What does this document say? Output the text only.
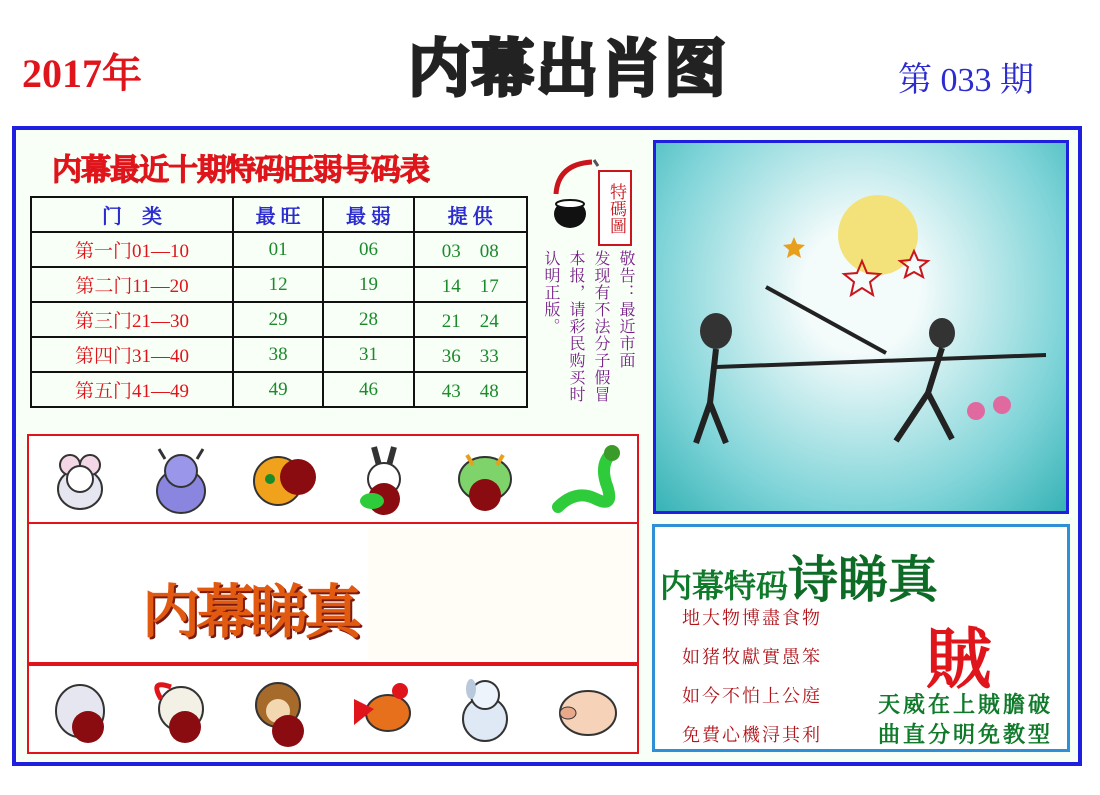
2017年	内 幕 出 肖 图	第 033 期
内幕最近十期特码旺弱号码表
门　类	最 旺	最 弱	提 供
第一门01—10	01	06	03　08
第二门11—20	12	19	14　17
第三门21—30	29	28	21　24
第四门31—40	38	31	36　33
第五门41—49	49	46	43　48
特碼圖
敬告：最近市面
发现有不法分子假冒
本报，请彩民购买时
认明正版。
内幕睇真	内幕特码诗睇真
賊
地大物博盡食物
如猪牧獻實愚笨
如今不怕上公庭
免費心機浔其利
天威在上賊膽破
曲直分明免教型
